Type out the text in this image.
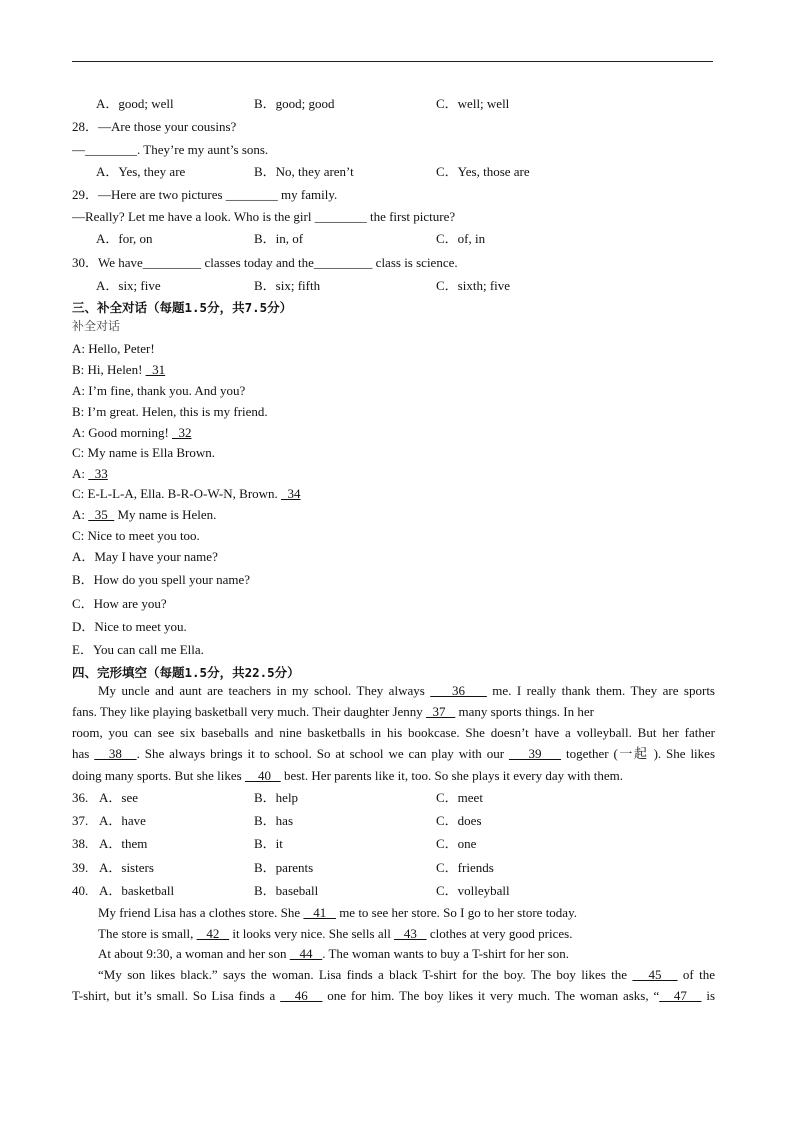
A．good; well	B．good; good	C．well; well
28．—Are those your cousins?
—________. They’re my aunt’s sons.
A．Yes, they are	B．No, they aren’t	C．Yes, those are
29．—Here are two pictures ________ my family.
—Really? Let me have a look. Who is the girl ________ the first picture?
A．for, on	B．in, of	C．of, in
30．We have_________ classes today and the_________ class is science.
A．six; five	B．six; fifth	C．sixth; five
三、补全对话（每题1.5分，共7.5分）
补全对话
A: Hello, Peter!
B: Hi, Helen!   31
A: I’m fine, thank you. And you?
B: I’m great. Helen, this is my friend.
A: Good morning!   32
C: My name is Ella Brown.
A:   33
C: E-L-L-A, Ella. B-R-O-W-N, Brown.   34
A:   35   My name is Helen.
C: Nice to meet you too.
A．May I have your name?
B．How do you spell your name?
C．How are you?
D．Nice to meet you.
E．You can call me Ella.
四、完形填空（每题1.5分，共22.5分）
My uncle and aunt are teachers in my school. They always     36     me. I really thank them. They are sports
fans. They like playing basketball very much. Their daughter Jenny   37    many sports things. In her
room, you can see six baseballs and nine basketballs in his bookcase. She doesn’t have a volleyball. But her father
has    38   . She always brings it to school. So at school we can play with our     39     together (一起 ). She likes
doing many sports. But she likes     40    best. Her parents like it, too. So she plays it every day with them.
36. A．see	B．help	C．meet
37. A．have	B．has	C．does
38. A．them	B．it	C．one
39. A．sisters	B．parents	C．friends
40. A．basketball	B．baseball	C．volleyball
My friend Lisa has a clothes store. She    41    me to see her store. So I go to her store today.
The store is small,    42    it looks very nice. She sells all    43    clothes at very good prices.
At about 9:30, a woman and her son    44   . The woman wants to buy a T-shirt for her son.
“My son likes black.” says the woman. Lisa finds a black T-shirt for the boy. The boy likes the    45    of the
T-shirt, but it’s small. So Lisa finds a    46    one for him. The boy likes it very much. The woman asks, “   47    is
